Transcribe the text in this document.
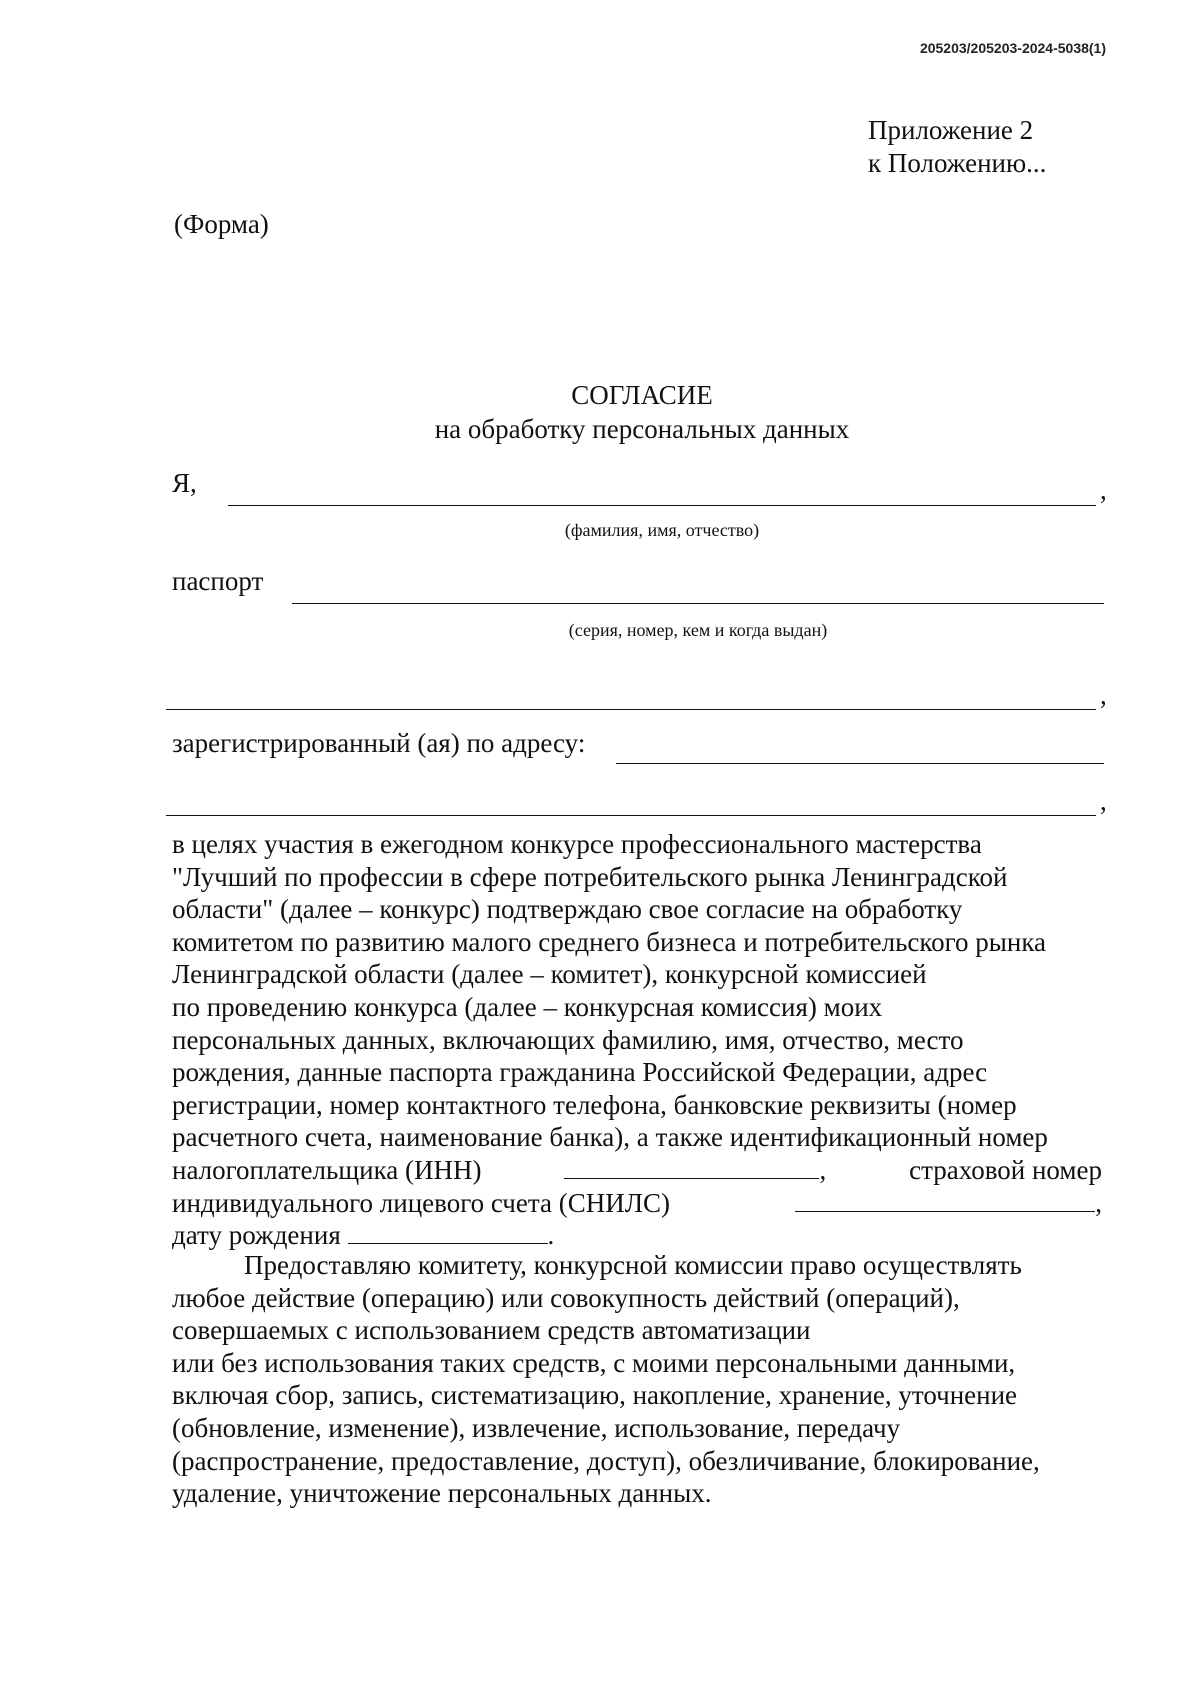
205203/205203-2024-5038(1)
Приложение 2
к Положению...
(Форма)
СОГЛАСИЕ
на обработку персональных данных
Я,	,
(фамилия, имя, отчество)
паспорт
(серия, номер, кем и когда выдан)
,
зарегистрированный (ая) по адресу:
,
в целях участия в ежегодном конкурсе профессионального мастерства
"Лучший по профессии в сфере потребительского рынка Ленинградской
области" (далее – конкурс) подтверждаю свое согласие на обработку
комитетом по развитию малого среднего бизнеса и потребительского рынка
Ленинградской области (далее – комитет), конкурсной комиссией
по проведению конкурса (далее – конкурсная комиссия) моих
персональных данных, включающих фамилию, имя, отчество, место
рождения, данные паспорта гражданина Российской Федерации, адрес
регистрации, номер контактного телефона, банковские реквизиты (номер
расчетного счета, наименование банка), а также идентификационный номер
налогоплательщика (ИНН)	,	страховой номер
индивидуального лицевого счета (СНИЛС)	,
дату рождения	.
Предоставляю комитету, конкурсной комиссии право осуществлять
любое действие (операцию) или совокупность действий (операций),
совершаемых с использованием средств автоматизации
или без использования таких средств, с моими персональными данными,
включая сбор, запись, систематизацию, накопление, хранение, уточнение
(обновление, изменение), извлечение, использование, передачу
(распространение, предоставление, доступ), обезличивание, блокирование,
удаление, уничтожение персональных данных.
